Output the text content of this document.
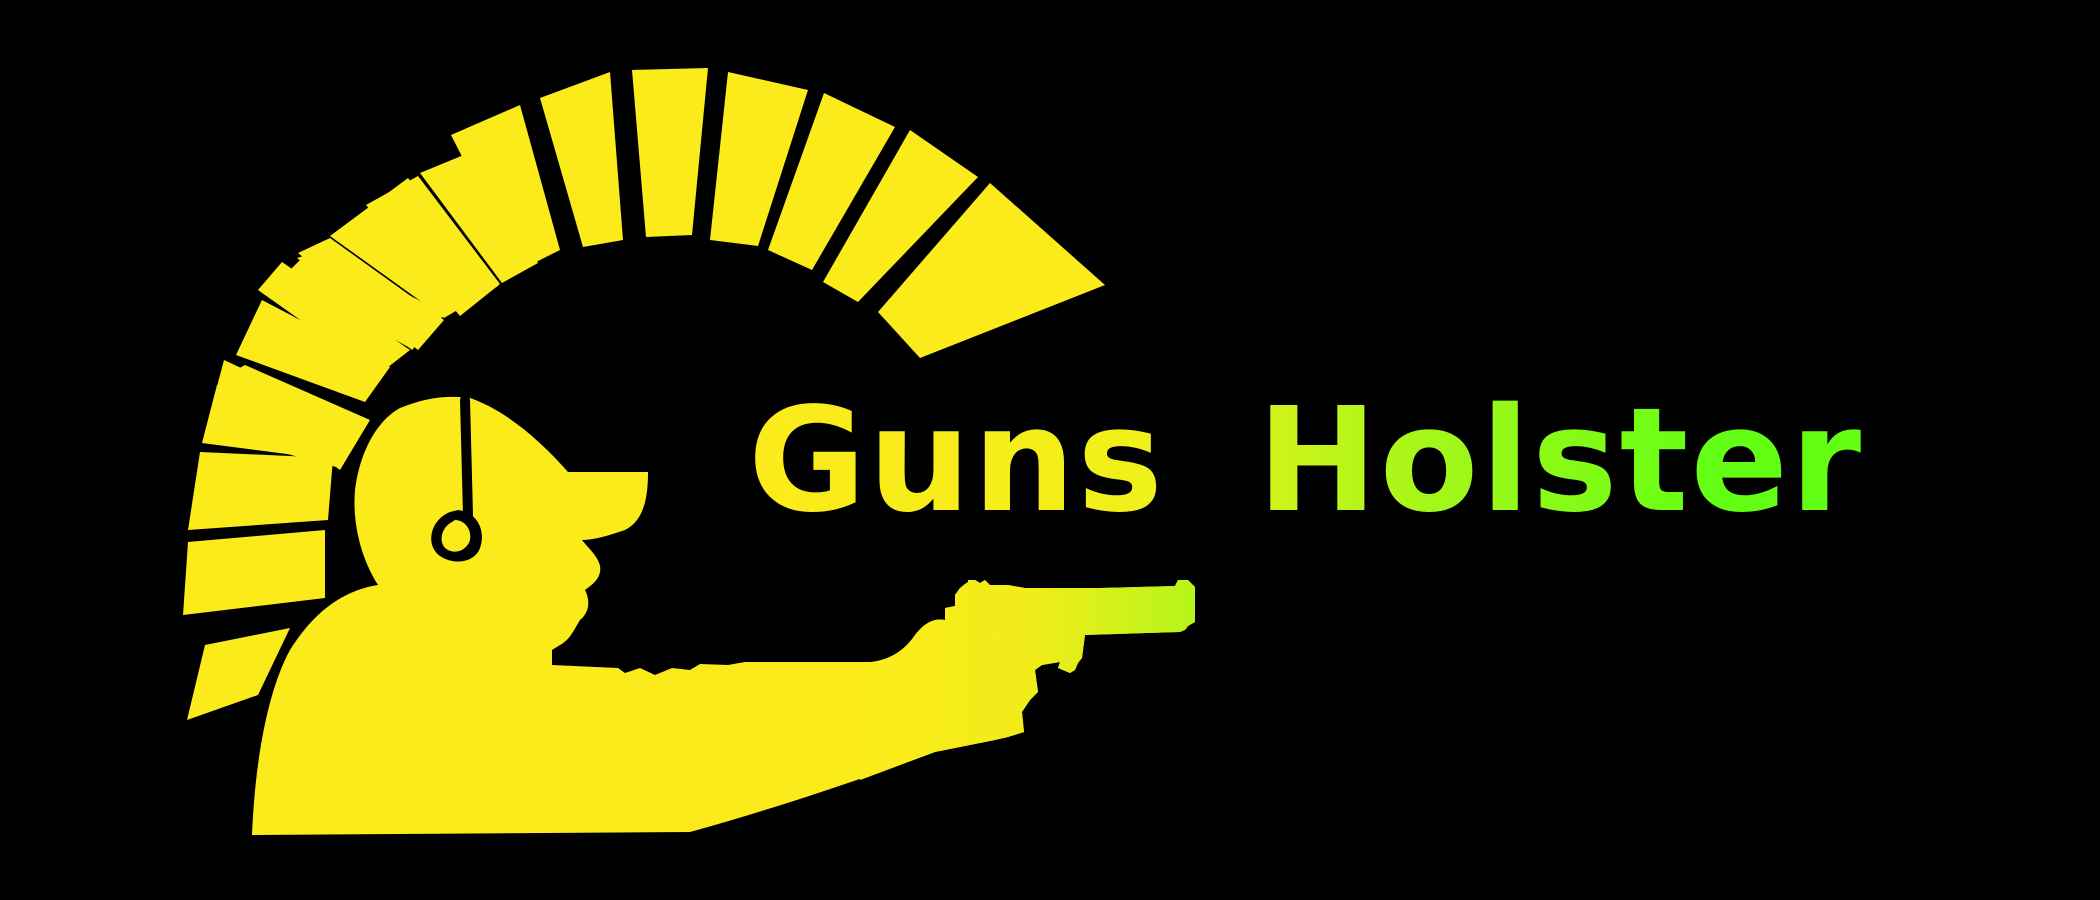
Guns Holster
